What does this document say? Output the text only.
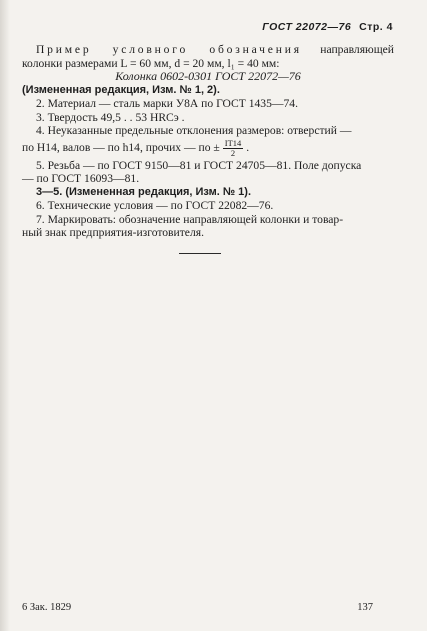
ГОСТ 22072—76 Стр. 4
Пример условного обозначения направляющей
колонки размерами L = 60 мм, d = 20 мм, l₁ = 40 мм:
Колонка 0602-0301 ГОСТ 22072—76
(Измененная редакция, Изм. № 1, 2).
2. Материал — сталь марки У8А по ГОСТ 1435—74.
3. Твердость 49,5 . . 53 HRCэ .
4. Неуказанные предельные отклонения размеров: отверстий —
по H14, валов — по h14, прочих — по ± $\frac{IT14}{2}$ .
5. Резьба — по ГОСТ 9150—81 и ГОСТ 24705—81. Поле допуска
— по ГОСТ 16093—81.
3—5. (Измененная редакция, Изм. № 1).
6. Технические условия — по ГОСТ 22082—76.
7. Маркировать: обозначение направляющей колонки и товар-
ный знак предприятия-изготовителя.
6 Зак. 1829	137
